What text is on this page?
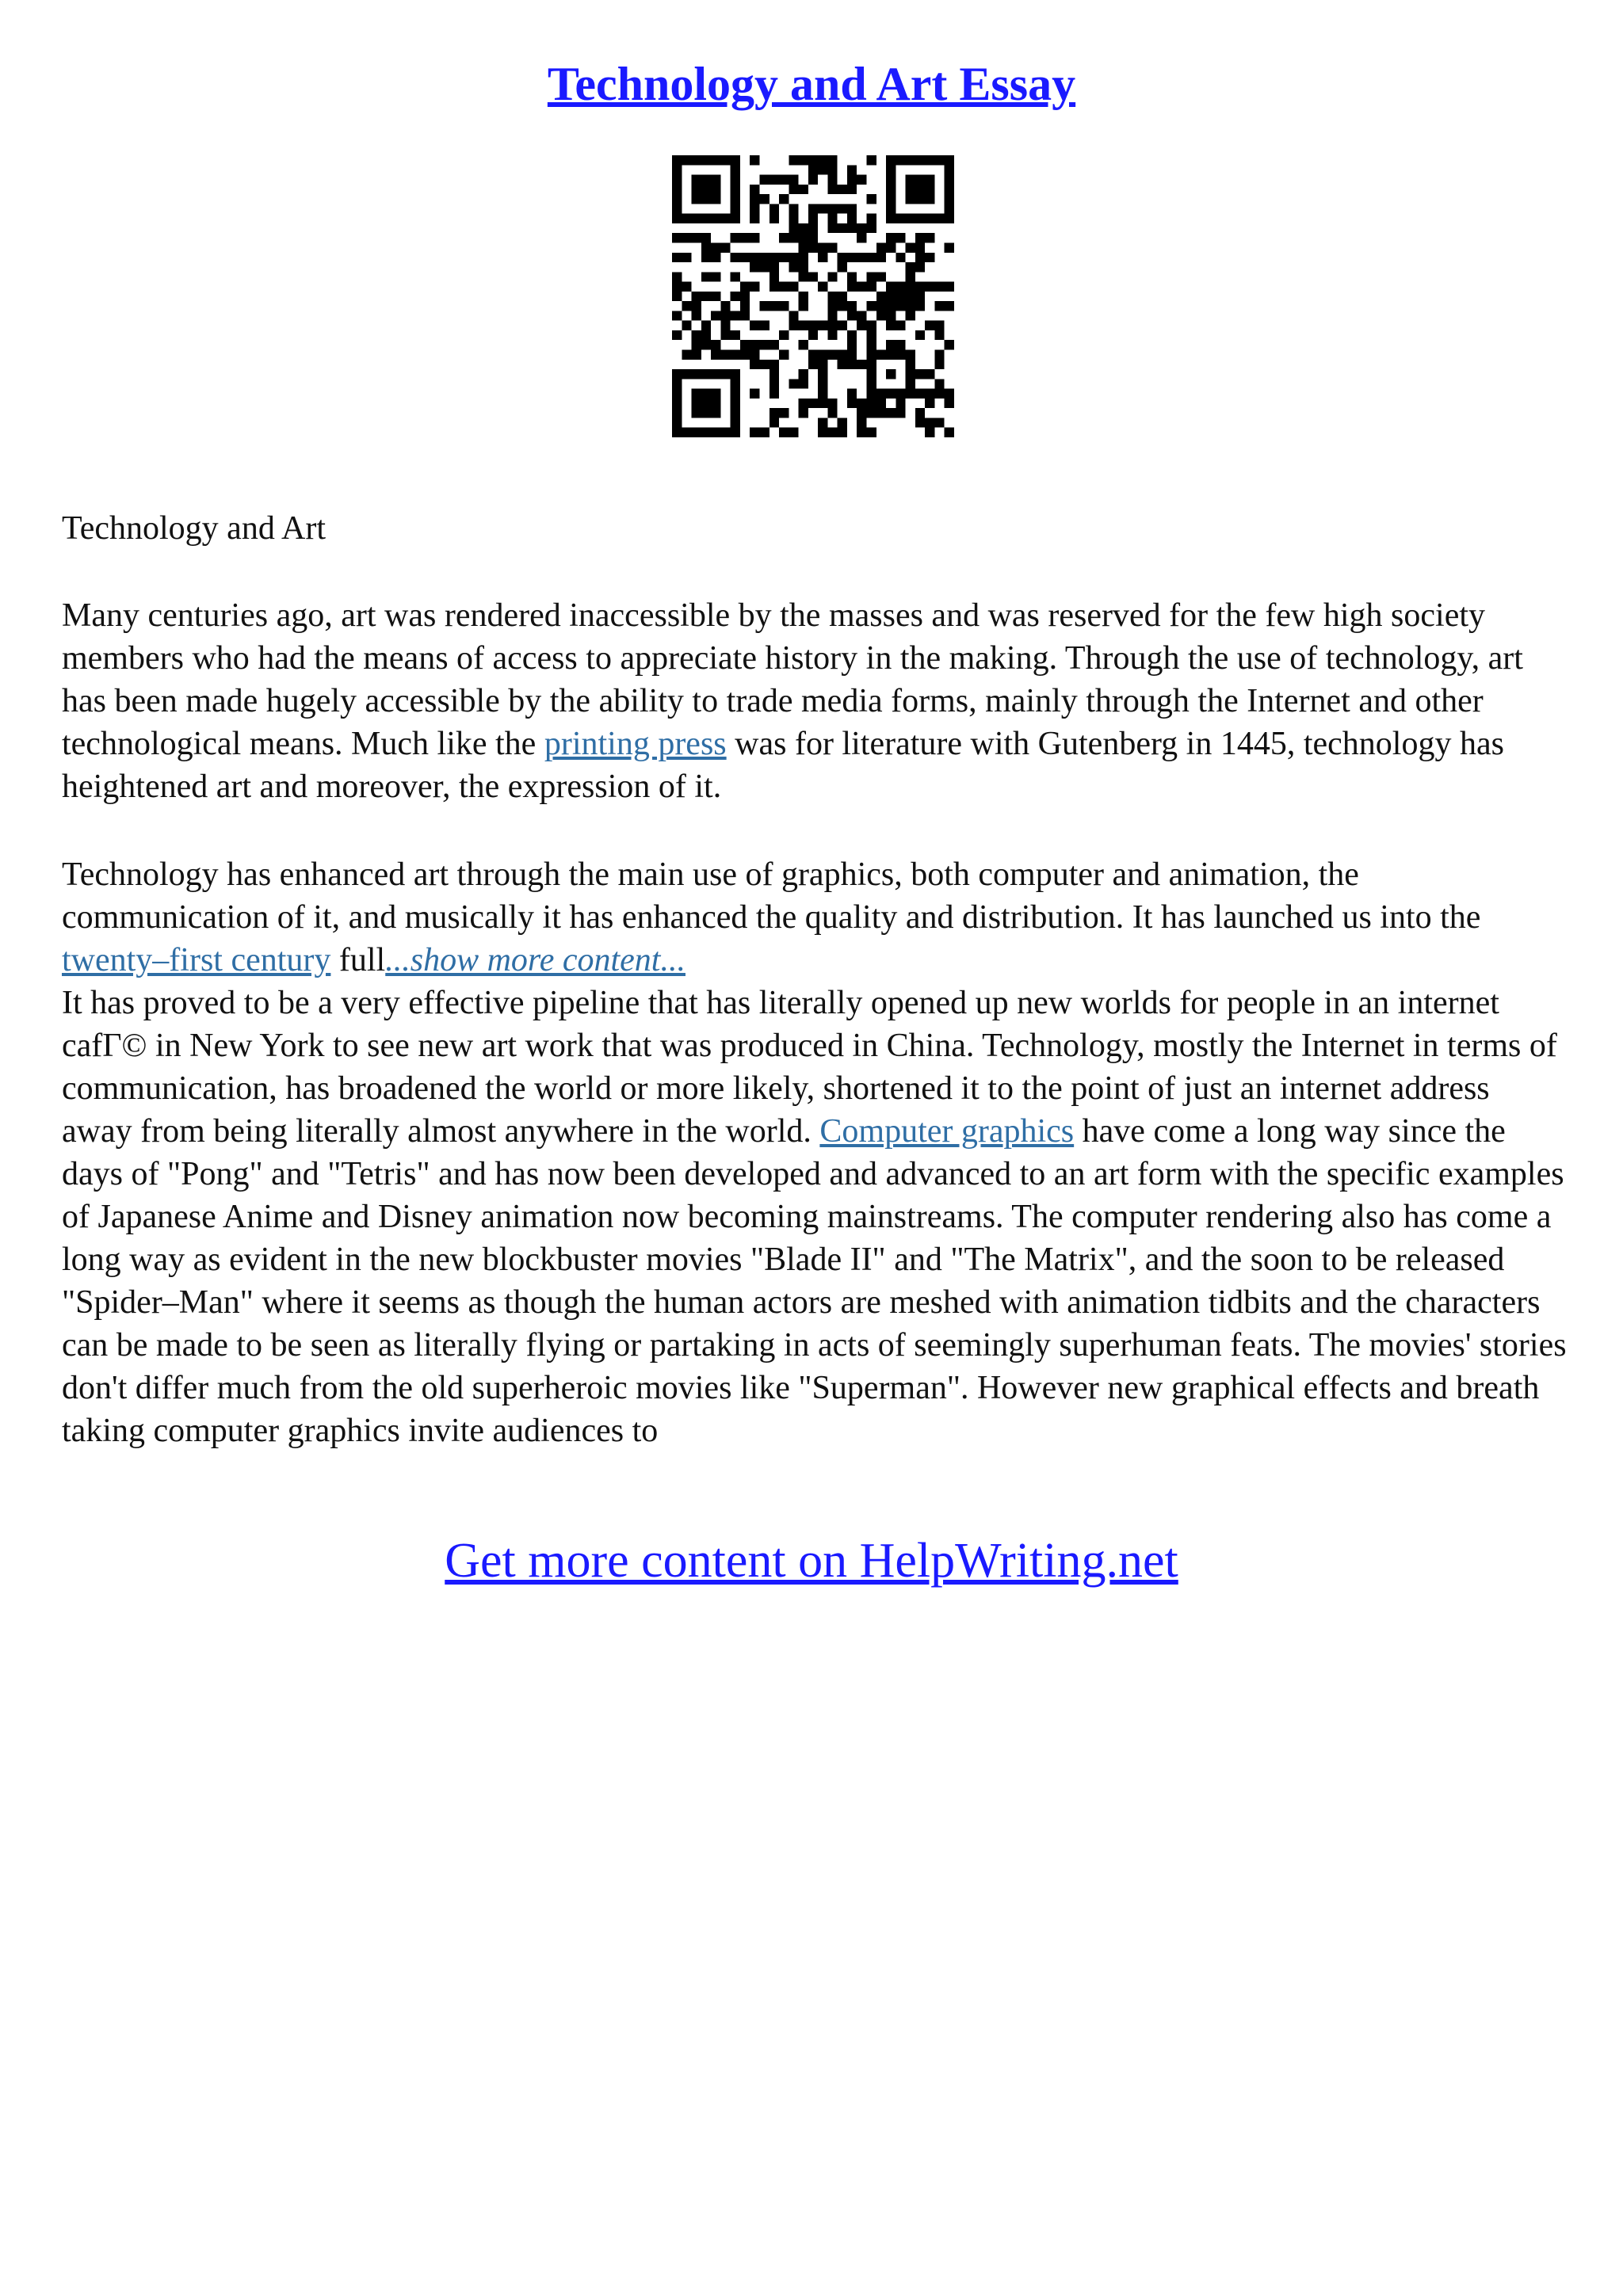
Technology and Art Essay
Technology and Art

Many centuries ago, art was rendered inaccessible by the masses and was reserved for the few high society members who had the means of access to appreciate history in the making. Through the use of technology, art has been made hugely accessible by the ability to trade media forms, mainly through the Internet and other technological means. Much like the printing press was for literature with Gutenberg in 1445, technology has heightened art and moreover, the expression of it.

Technology has enhanced art through the main use of graphics, both computer and animation, the communication of it, and musically it has enhanced the quality and distribution. It has launched us into the twenty–first century full...show more content...

It has proved to be a very effective pipeline that has literally opened up new worlds for people in an internet cafГ© in New York to see new art work that was produced in China. Technology, mostly the Internet in terms of communication, has broadened the world or more likely, shortened it to the point of just an internet address away from being literally almost anywhere in the world. Computer graphics have come a long way since the days of "Pong" and "Tetris" and has now been developed and advanced to an art form with the specific examples of Japanese Anime and Disney animation now becoming mainstreams. The computer rendering also has come a long way as evident in the new blockbuster movies "Blade II" and "The Matrix", and the soon to be released "Spider–Man" where it seems as though the human actors are meshed with animation tidbits and the characters can be made to be seen as literally flying or partaking in acts of seemingly superhuman feats. The movies' stories don't differ much from the old superheroic movies like "Superman". However new graphical effects and breath taking computer graphics invite audiences to

Get more content on HelpWriting.net
